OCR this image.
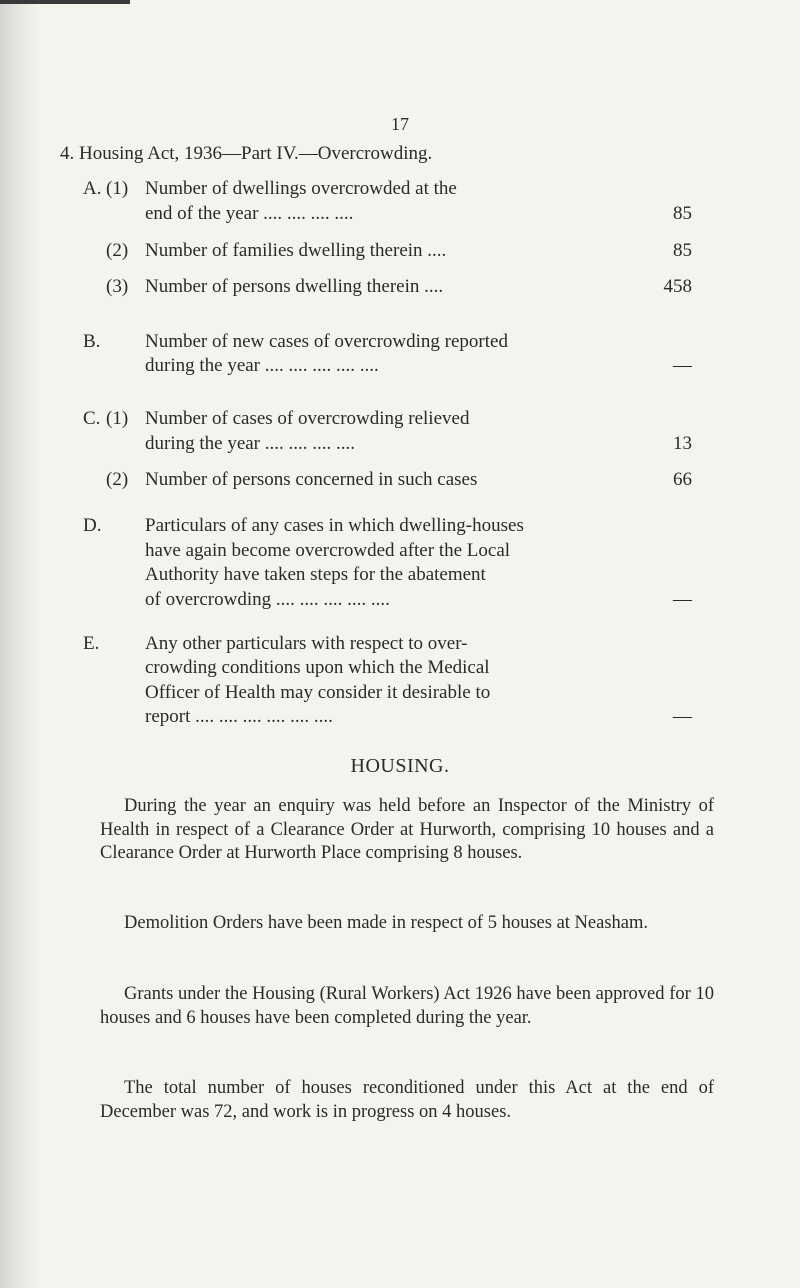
17
4. Housing Act, 1936—Part IV.—Overcrowding.
A. (1) Number of dwellings overcrowded at the
end of the year .... .... .... ....	85
(2) Number of families dwelling therein ....	85
(3) Number of persons dwelling therein ....	458
B. Number of new cases of overcrowding reported
during the year .... .... .... .... ....	—
C. (1) Number of cases of overcrowding relieved
during the year .... .... .... ....	13
(2) Number of persons concerned in such cases	66
D. Particulars of any cases in which dwelling-houses
have again become overcrowded after the Local
Authority have taken steps for the abatement
of overcrowding .... .... .... .... ....	—
E. Any other particulars with respect to over-
crowding conditions upon which the Medical
Officer of Health may consider it desirable to
report .... .... .... .... .... ....	—
HOUSING.
During the year an enquiry was held before an Inspector of the Ministry of Health in respect of a Clearance Order at Hurworth, comprising 10 houses and a Clearance Order at Hurworth Place comprising 8 houses.
Demolition Orders have been made in respect of 5 houses at Neasham.
Grants under the Housing (Rural Workers) Act 1926 have been approved for 10 houses and 6 houses have been completed during the year.
The total number of houses reconditioned under this Act at the end of December was 72, and work is in progress on 4 houses.
